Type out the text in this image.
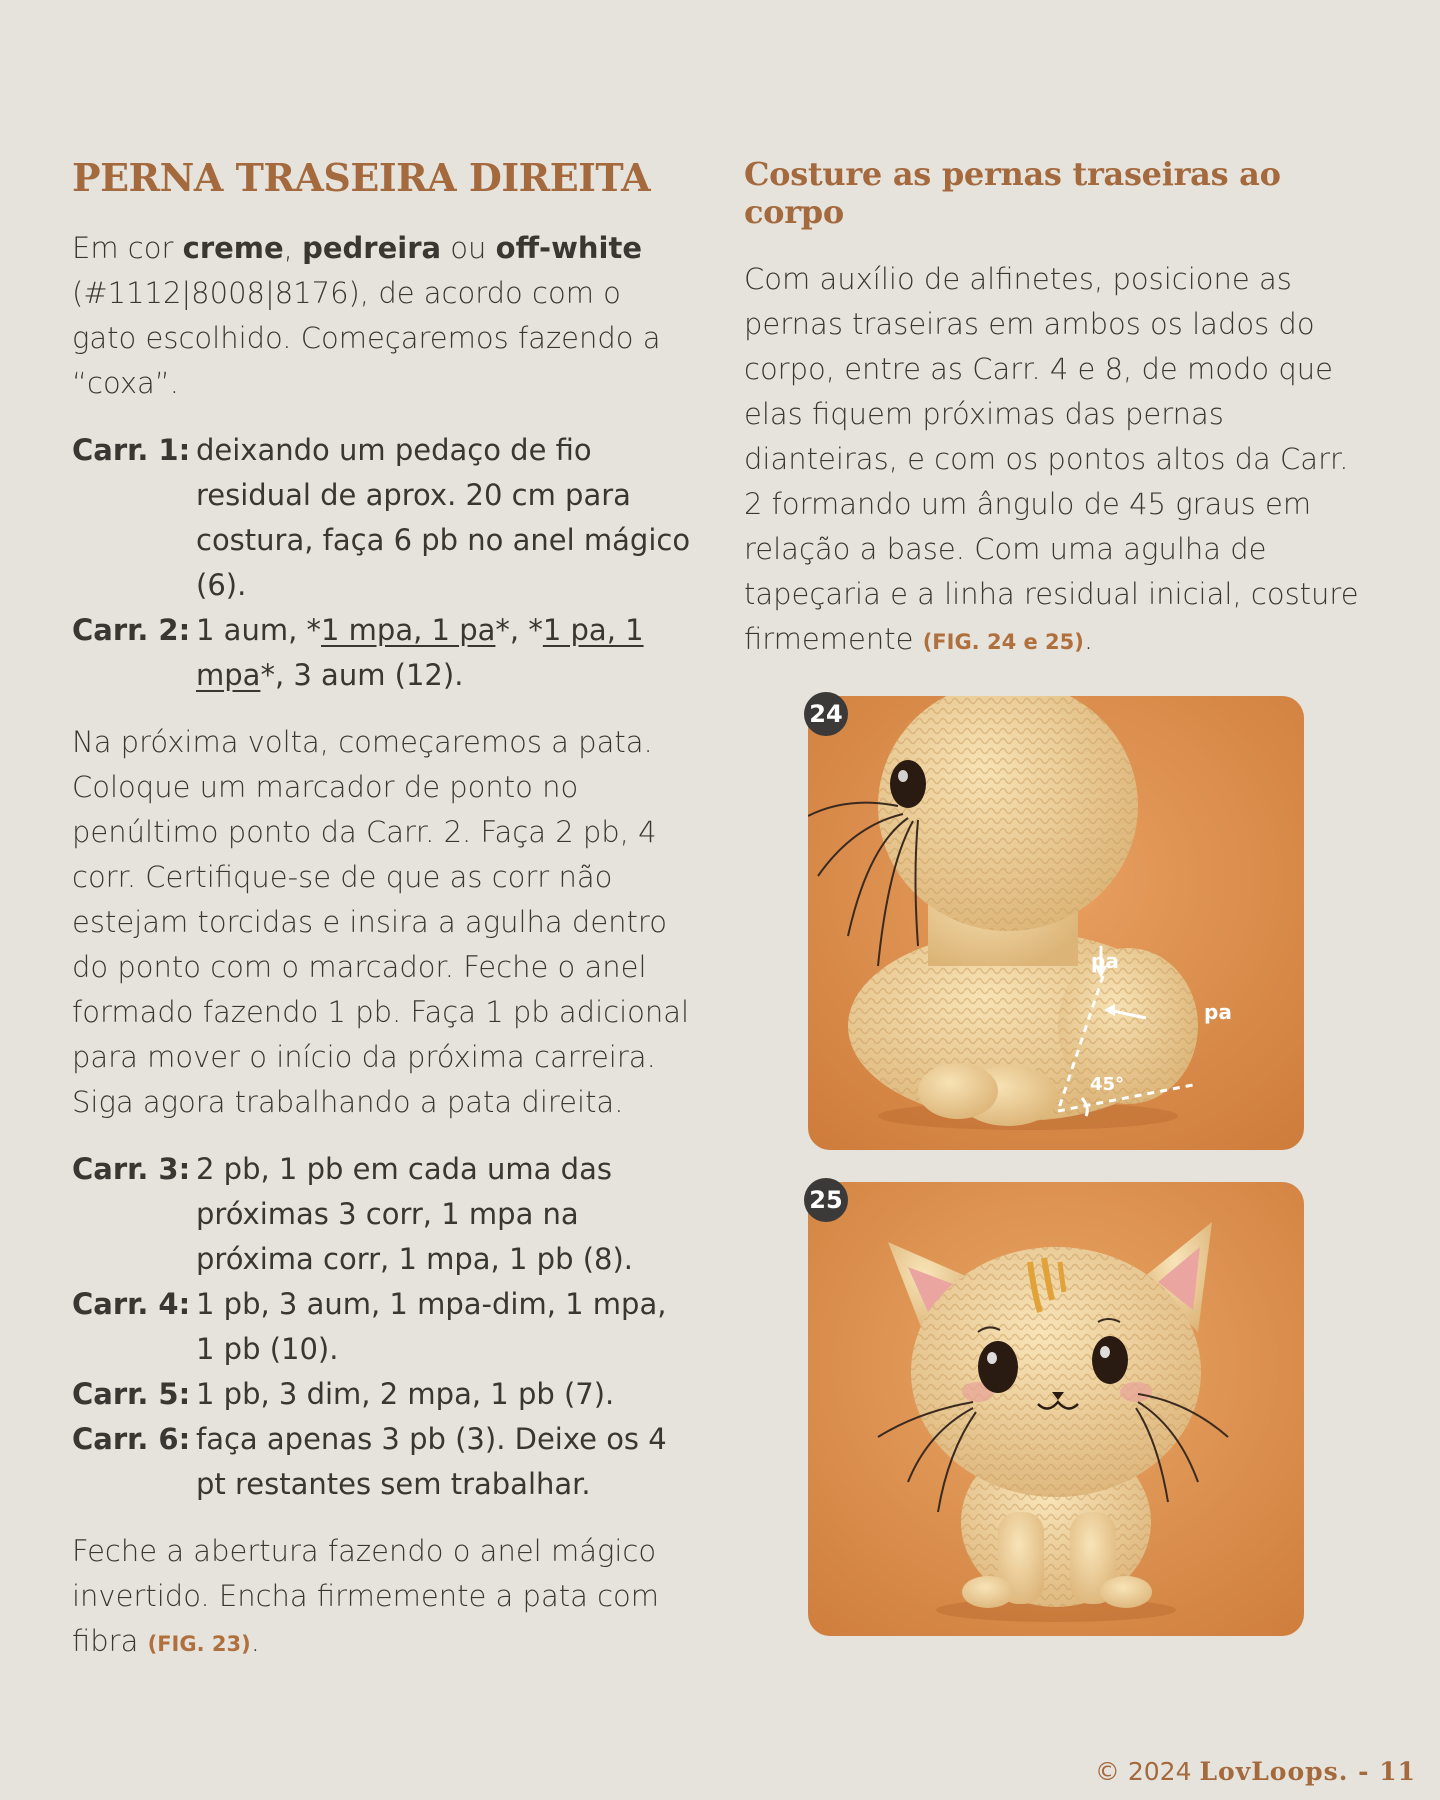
PERNA TRASEIRA DIREITA

Em cor creme, pedreira ou off-white (#1112|8008|8176), de acordo com o gato escolhido. Começaremos fazendo a “coxa”.

Carr. 1: deixando um pedaço de fio residual de aprox. 20 cm para costura, faça 6 pb no anel mágico (6).
Carr. 2: 1 aum, *1 mpa, 1 pa*, *1 pa, 1 mpa*, 3 aum (12).

Na próxima volta, começaremos a pata. Coloque um marcador de ponto no penúltimo ponto da Carr. 2. Faça 2 pb, 4 corr. Certifique-se de que as corr não estejam torcidas e insira a agulha dentro do ponto com o marcador. Feche o anel formado fazendo 1 pb. Faça 1 pb adicional para mover o início da próxima carreira. Siga agora trabalhando a pata direita.

Carr. 3: 2 pb, 1 pb em cada uma das próximas 3 corr, 1 mpa na próxima corr, 1 mpa, 1 pb (8).
Carr. 4: 1 pb, 3 aum, 1 mpa-dim, 1 mpa, 1 pb (10).
Carr. 5: 1 pb, 3 dim, 2 mpa, 1 pb (7).
Carr. 6: faça apenas 3 pb (3). Deixe os 4 pt restantes sem trabalhar.

Feche a abertura fazendo o anel mágico invertido. Encha firmemente a pata com fibra (FIG. 23).

Costure as pernas traseiras ao corpo

Com auxílio de alfinetes, posicione as pernas traseiras em ambos os lados do corpo, entre as Carr. 4 e 8, de modo que elas fiquem próximas das pernas dianteiras, e com os pontos altos da Carr. 2 formando um ângulo de 45 graus em relação a base. Com uma agulha de tapeçaria e a linha residual inicial, costure firmemente (FIG. 24 e 25).

24
pa
pa
45°
25
© 2024 LovLoops. - 11
